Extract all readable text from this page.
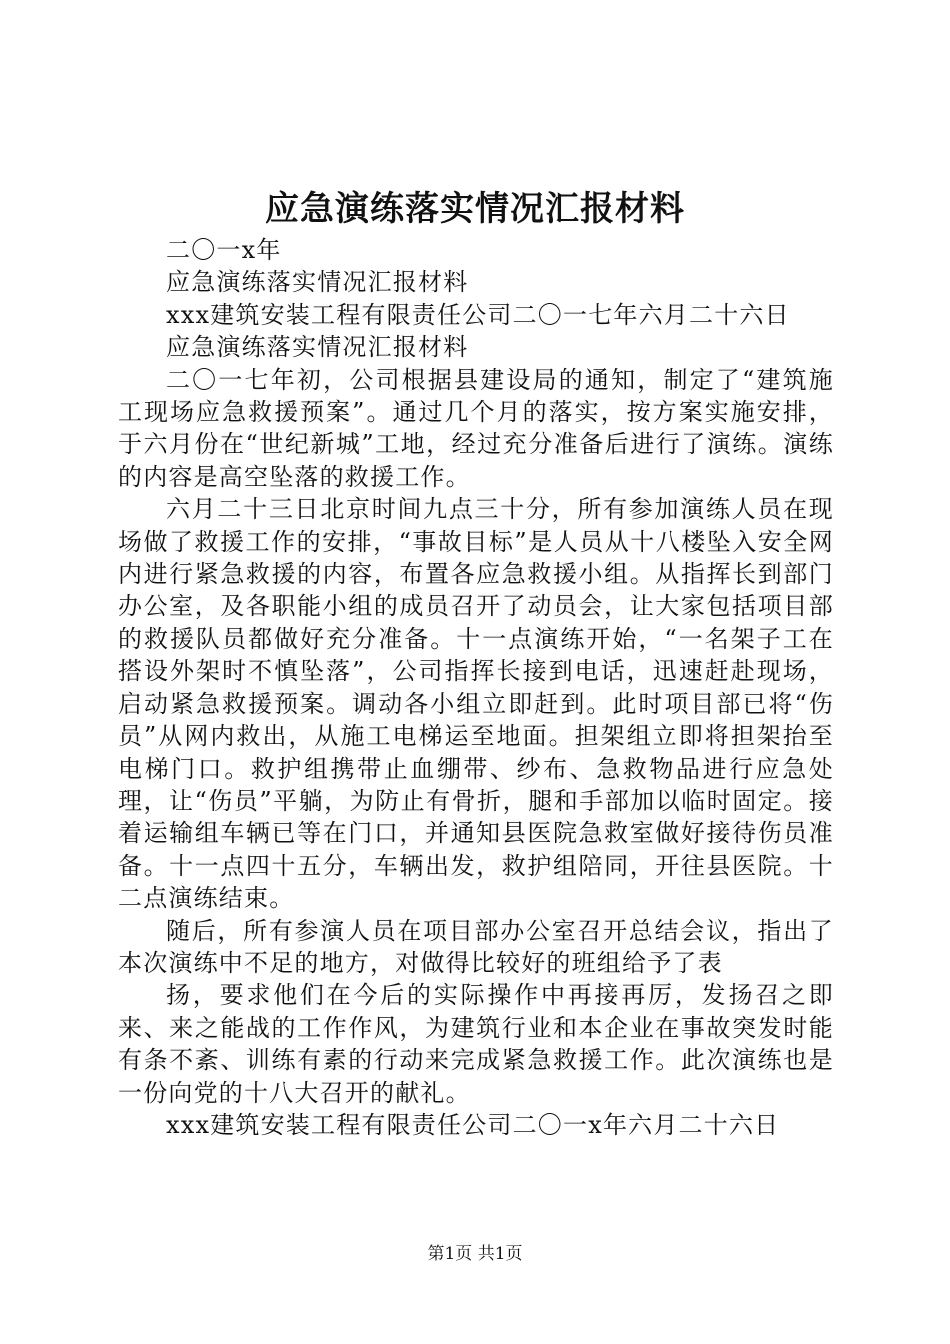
应急演练落实情况汇报材料

二〇一x年

应急演练落实情况汇报材料

xxx建筑安装工程有限责任公司二〇一七年六月二十六日

应急演练落实情况汇报材料

二〇一七年初，公司根据县建设局的通知，制定了“建筑施工现场应急救援预案”。通过几个月的落实，按方案实施安排，于六月份在“世纪新城”工地，经过充分准备后进行了演练。演练的内容是高空坠落的救援工作。

六月二十三日北京时间九点三十分，所有参加演练人员在现场做了救援工作的安排，“事故目标”是人员从十八楼坠入安全网内进行紧急救援的内容，布置各应急救援小组。从指挥长到部门办公室，及各职能小组的成员召开了动员会，让大家包括项目部的救援队员都做好充分准备。十一点演练开始，“一名架子工在搭设外架时不慎坠落”，公司指挥长接到电话，迅速赶赴现场，启动紧急救援预案。调动各小组立即赶到。此时项目部已将“伤员”从网内救出，从施工电梯运至地面。担架组立即将担架抬至电梯门口。救护组携带止血绷带、纱布、急救物品进行应急处理，让“伤员”平躺，为防止有骨折，腿和手部加以临时固定。接着运输组车辆已等在门口，并通知县医院急救室做好接待伤员准备。十一点四十五分，车辆出发，救护组陪同，开往县医院。十二点演练结束。

随后，所有参演人员在项目部办公室召开总结会议，指出了本次演练中不足的地方，对做得比较好的班组给予了表

扬，要求他们在今后的实际操作中再接再厉，发扬召之即来、来之能战的工作作风，为建筑行业和本企业在事故突发时能有条不紊、训练有素的行动来完成紧急救援工作。此次演练也是一份向党的十八大召开的献礼。

xxx建筑安装工程有限责任公司二〇一x年六月二十六日

第1页 共1页
